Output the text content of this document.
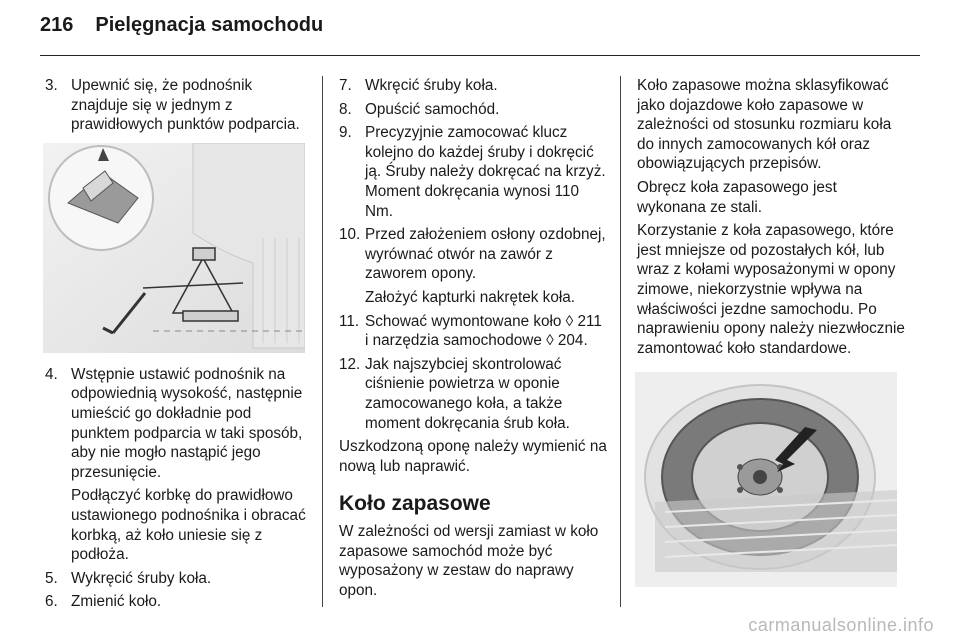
216 Pielęgnacja samochodu
3. Upewnić się, że podnośnik znajduje się w jednym z prawidłowych punktów podparcia.
4. Wstępnie ustawić podnośnik na odpowiednią wysokość, następnie umieścić go dokładnie pod punktem podparcia w taki sposób, aby nie mogło nastąpić jego przesunięcie.

Podłączyć korbkę do prawidłowo ustawionego podnośnika i obracać korbką, aż koło uniesie się z podłoża.

5. Wykręcić śruby koła.
6. Zmienić koło.
7. Wkręcić śruby koła.
8. Opuścić samochód.
9. Precyzyjnie zamocować klucz kolejno do każdej śruby i dokręcić ją. Śruby należy dokręcać na krzyż. Moment dokręcania wynosi 110 Nm.
10. Przed założeniem osłony ozdobnej, wyrównać otwór na zawór z zaworem opony.

Założyć kapturki nakrętek koła.

11. Schować wymontowane koło ◊ 211 i narzędzia samochodowe ◊ 204.
12. Jak najszybciej skontrolować ciśnienie powietrza w oponie zamocowanego koła, a także moment dokręcania śrub koła.

Uszkodzoną oponę należy wymienić na nową lub naprawić.

Koło zapasowe

W zależności od wersji zamiast w koło zapasowe samochód może być wyposażony w zestaw do naprawy opon.

Koło zapasowe można sklasyfikować jako dojazdowe koło zapasowe w zależności od stosunku rozmiaru koła do innych zamocowanych kół oraz obowiązujących przepisów.

Obręcz koła zapasowego jest wykonana ze stali.

Korzystanie z koła zapasowego, które jest mniejsze od pozostałych kół, lub wraz z kołami wyposażonymi w opony zimowe, niekorzystnie wpływa na właściwości jezdne samochodu. Po naprawieniu opony należy niezwłocznie zamontować koło standardowe.

carmanualsonline.info
